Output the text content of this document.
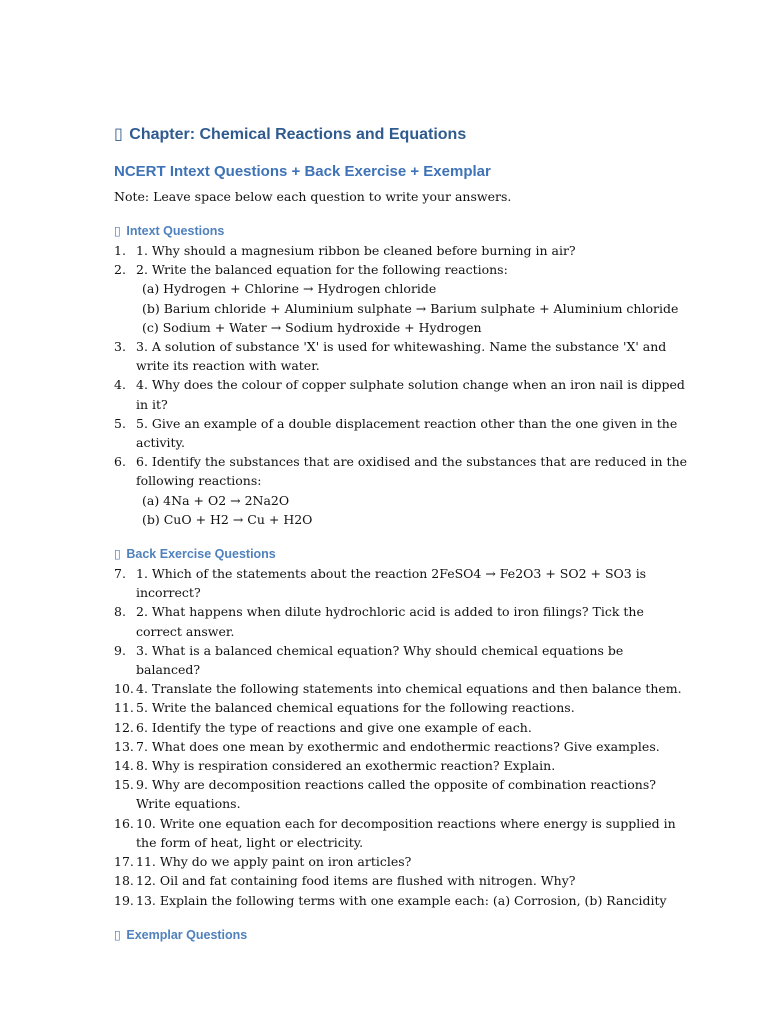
▯ Chapter: Chemical Reactions and Equations
NCERT Intext Questions + Back Exercise + Exemplar

Note: Leave space below each question to write your answers.

▯ Intext Questions
1. 1. Why should a magnesium ribbon be cleaned before burning in air?
2. 2. Write the balanced equation for the following reactions:
(a) Hydrogen + Chlorine → Hydrogen chloride
(b) Barium chloride + Aluminium sulphate → Barium sulphate + Aluminium chloride
(c) Sodium + Water → Sodium hydroxide + Hydrogen
3. 3. A solution of substance 'X' is used for whitewashing. Name the substance 'X' and write its reaction with water.
4. 4. Why does the colour of copper sulphate solution change when an iron nail is dipped in it?
5. 5. Give an example of a double displacement reaction other than the one given in the activity.
6. 6. Identify the substances that are oxidised and the substances that are reduced in the following reactions:
(a) 4Na + O2 → 2Na2O
(b) CuO + H2 → Cu + H2O
▯ Back Exercise Questions
7. 1. Which of the statements about the reaction 2FeSO4 → Fe2O3 + SO2 + SO3 is incorrect?
8. 2. What happens when dilute hydrochloric acid is added to iron filings? Tick the correct answer.
9. 3. What is a balanced chemical equation? Why should chemical equations be balanced?
10. 4. Translate the following statements into chemical equations and then balance them.
11. 5. Write the balanced chemical equations for the following reactions.
12. 6. Identify the type of reactions and give one example of each.
13. 7. What does one mean by exothermic and endothermic reactions? Give examples.
14. 8. Why is respiration considered an exothermic reaction? Explain.
15. 9. Why are decomposition reactions called the opposite of combination reactions? Write equations.
16. 10. Write one equation each for decomposition reactions where energy is supplied in the form of heat, light or electricity.
17. 11. Why do we apply paint on iron articles?
18. 12. Oil and fat containing food items are flushed with nitrogen. Why?
19. 13. Explain the following terms with one example each: (a) Corrosion, (b) Rancidity
▯ Exemplar Questions
